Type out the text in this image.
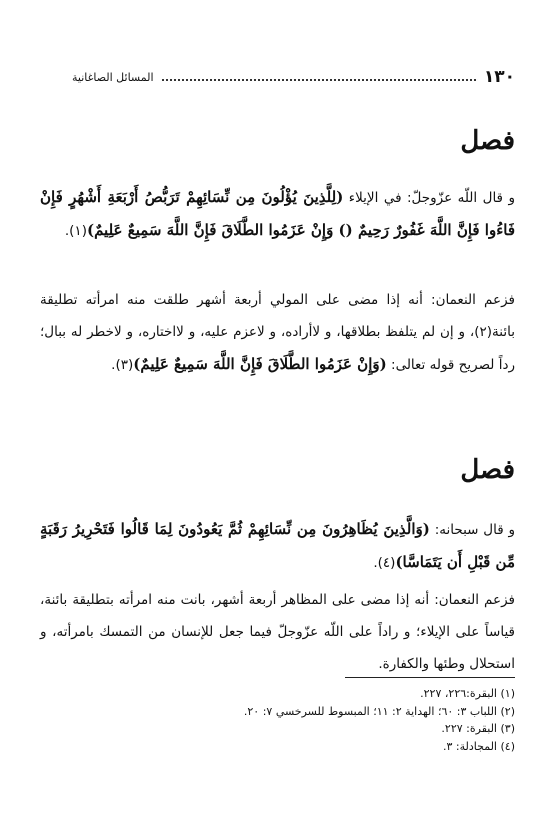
١٣٠
المسائل الصاغانية
فصل
و قال اللّه عزّوجلّ: في الإيلاء (لِلَّذِينَ يُؤْلُونَ مِن نِّسَائِهِمْ تَرَبُّصُ أَرْبَعَةِ أَشْهُرٍ فَإِنْ فَاءُوا فَإِنَّ اللَّهَ غَفُورٌ رَحِيمٌ () وَإِنْ عَزَمُوا الطَّلَاقَ فَإِنَّ اللَّهَ سَمِيعٌ عَلِيمٌ)(١).
فزعم النعمان: أنه إذا مضى على المولي أربعة أشهر طلقت منه امرأته تطليقة بائنة(٢)، و إن لم يتلفظ بطلاقها، و لاأراده، و لاعزم عليه، و لااختاره، و لاخطر له ببال؛ رداً لصريح قوله تعالى: (وَإِنْ عَزَمُوا الطَّلَاقَ فَإِنَّ اللَّهَ سَمِيعٌ عَلِيمٌ)(٣).
فصل
و قال سبحانه: (وَالَّذِينَ يُظَاهِرُونَ مِن نِّسَائِهِمْ ثُمَّ يَعُودُونَ لِمَا قَالُوا فَتَحْرِيرُ رَقَبَةٍ مِّن قَبْلِ أَن يَتَمَاسَّا)(٤).
فزعم النعمان: أنه إذا مضى على المظاهر أربعة أشهر، بانت منه امرأته بتطليقة بائنة، قياساً على الإيلاء؛ و راداً على اللّه عزّوجلّ فيما جعل للإنسان من التمسك بامرأته، و استحلال وطئها والكفارة.
(١) البقرة:٢٢٦، ٢٢٧.
(٢) اللباب ٣: ٦٠؛ الهداية ٢: ١١؛ المبسوط للسرخسي ٧: ٢٠.
(٣) البقرة: ٢٢٧.
(٤) المجادلة: ٣.
